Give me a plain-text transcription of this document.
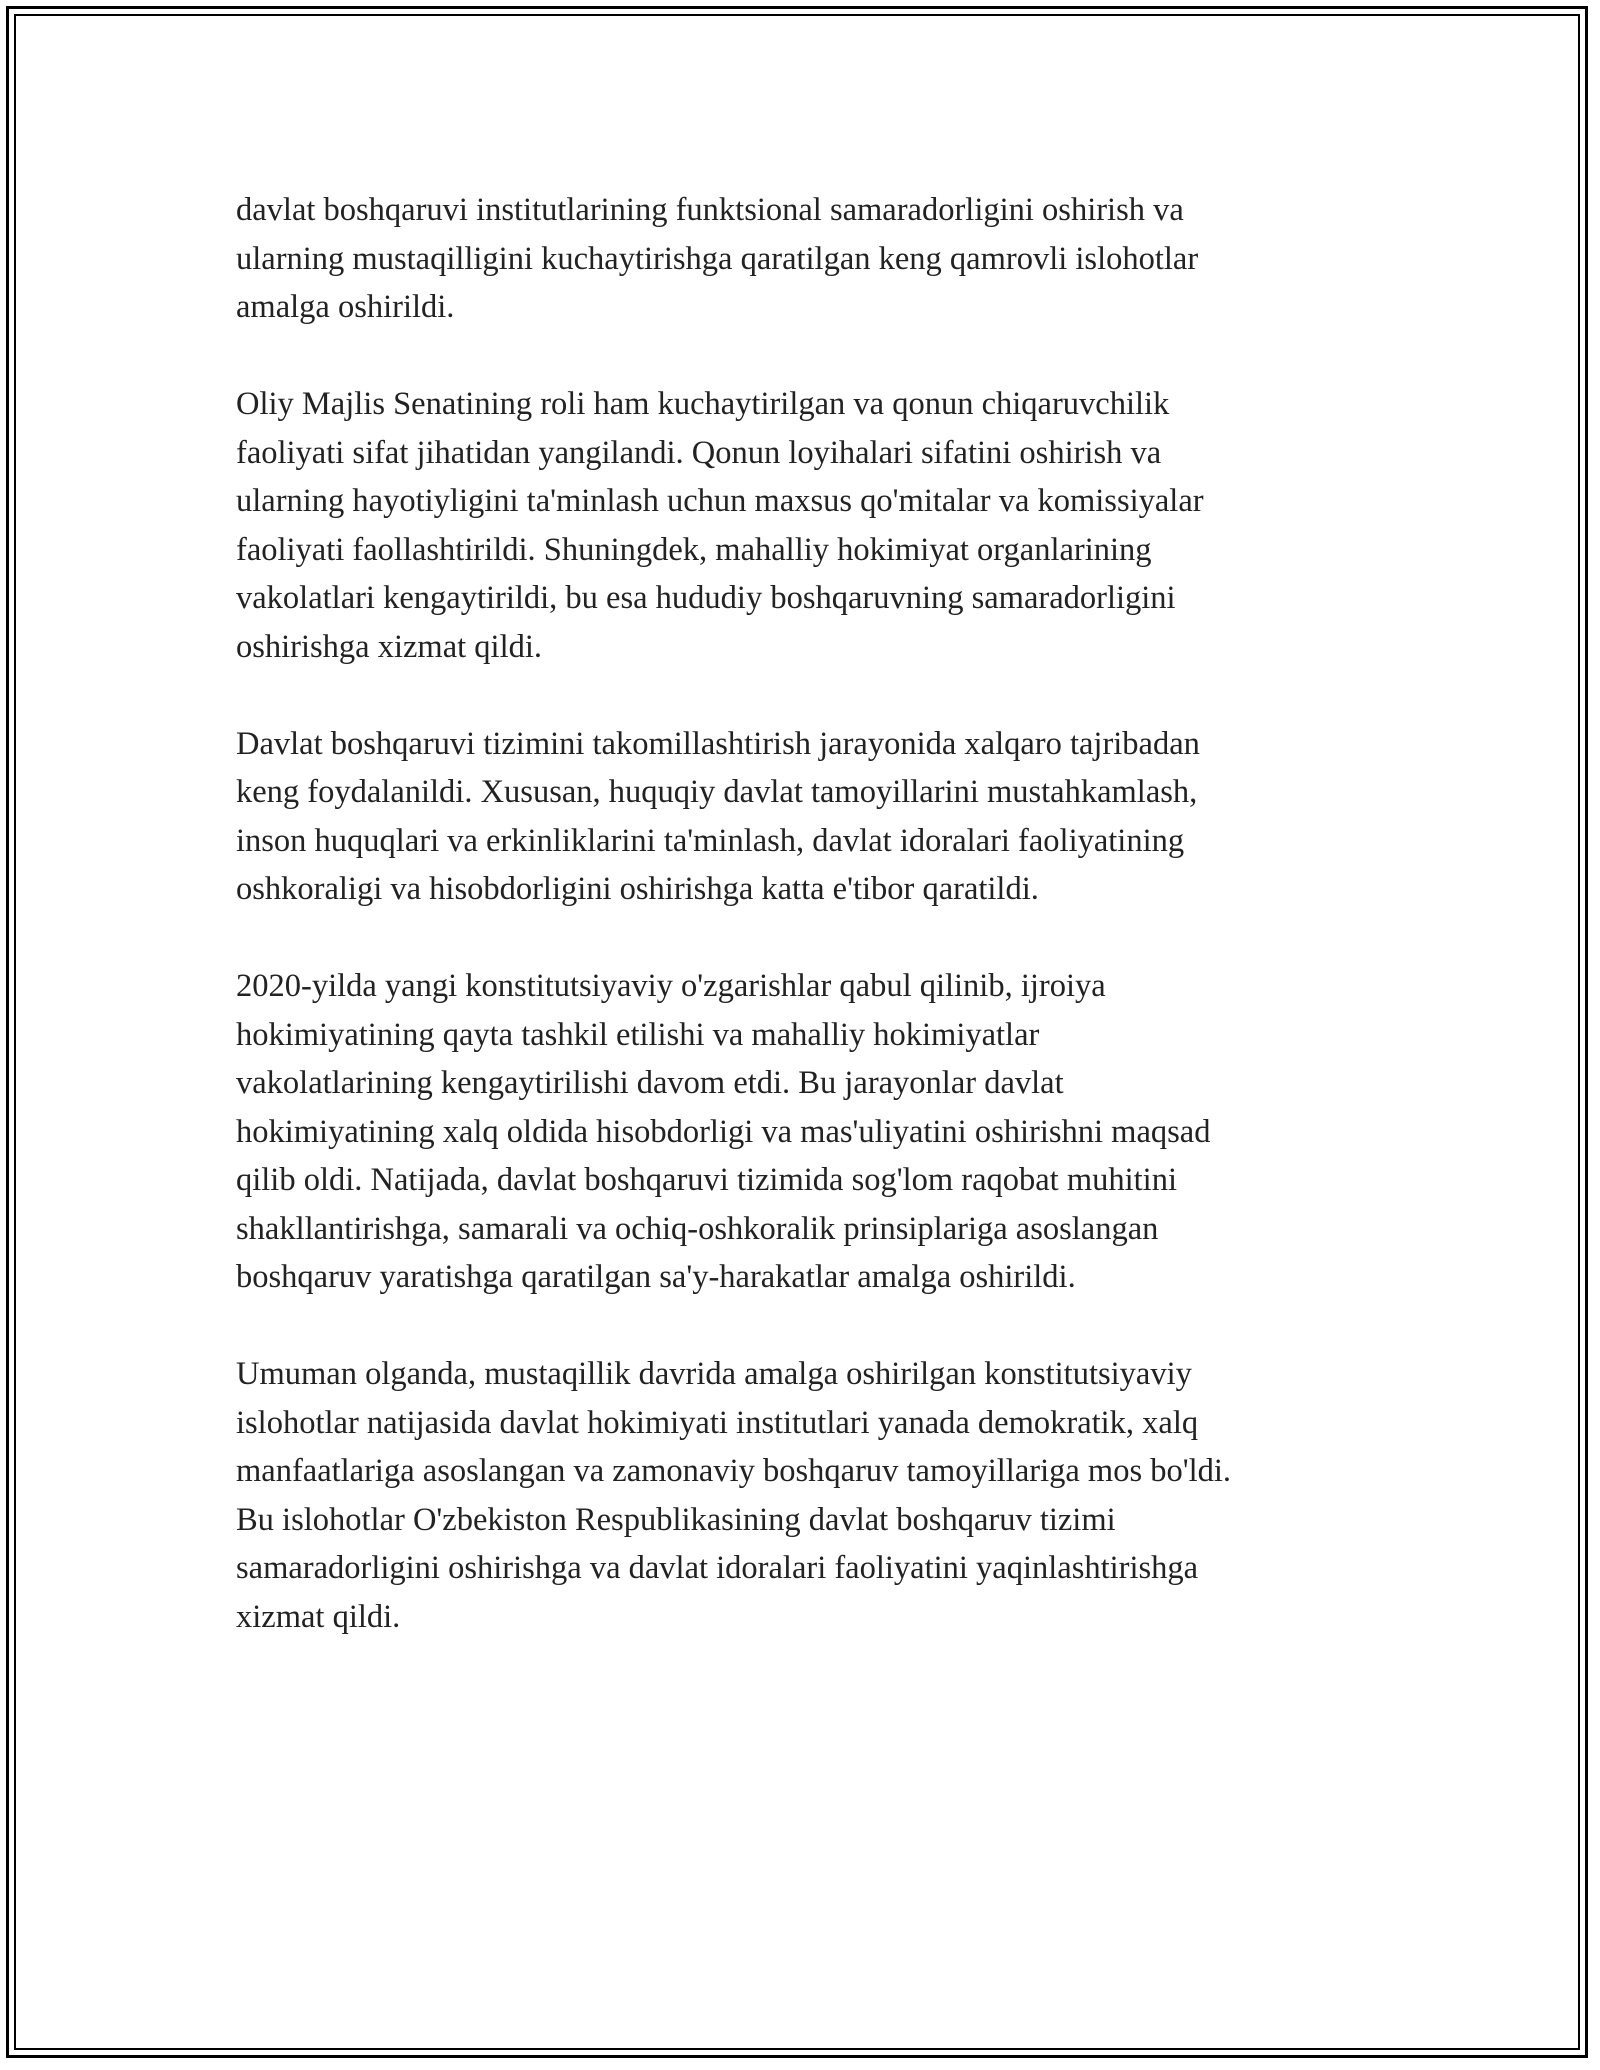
davlat boshqaruvi institutlarining funktsional samaradorligini oshirish va
ularning mustaqilligini kuchaytirishga qaratilgan keng qamrovli islohotlar
amalga oshirildi.

Oliy Majlis Senatining roli ham kuchaytirilgan va qonun chiqaruvchilik
faoliyati sifat jihatidan yangilandi. Qonun loyihalari sifatini oshirish va
ularning hayotiyligini ta'minlash uchun maxsus qo'mitalar va komissiyalar
faoliyati faollashtirildi. Shuningdek, mahalliy hokimiyat organlarining
vakolatlari kengaytirildi, bu esa hududiy boshqaruvning samaradorligini
oshirishga xizmat qildi.

Davlat boshqaruvi tizimini takomillashtirish jarayonida xalqaro tajribadan
keng foydalanildi. Xususan, huquqiy davlat tamoyillarini mustahkamlash,
inson huquqlari va erkinliklarini ta'minlash, davlat idoralari faoliyatining
oshkoraligi va hisobdorligini oshirishga katta e'tibor qaratildi.

2020-yilda yangi konstitutsiyaviy o'zgarishlar qabul qilinib, ijroiya
hokimiyatining qayta tashkil etilishi va mahalliy hokimiyatlar
vakolatlarining kengaytirilishi davom etdi. Bu jarayonlar davlat
hokimiyatining xalq oldida hisobdorligi va mas'uliyatini oshirishni maqsad
qilib oldi. Natijada, davlat boshqaruvi tizimida sog'lom raqobat muhitini
shakllantirishga, samarali va ochiq-oshkoralik prinsiplariga asoslangan
boshqaruv yaratishga qaratilgan sa'y-harakatlar amalga oshirildi.

Umuman olganda, mustaqillik davrida amalga oshirilgan konstitutsiyaviy
islohotlar natijasida davlat hokimiyati institutlari yanada demokratik, xalq
manfaatlariga asoslangan va zamonaviy boshqaruv tamoyillariga mos bo'ldi.
Bu islohotlar O'zbekiston Respublikasining davlat boshqaruv tizimi
samaradorligini oshirishga va davlat idoralari faoliyatini yaqinlashtirishga
xizmat qildi.
